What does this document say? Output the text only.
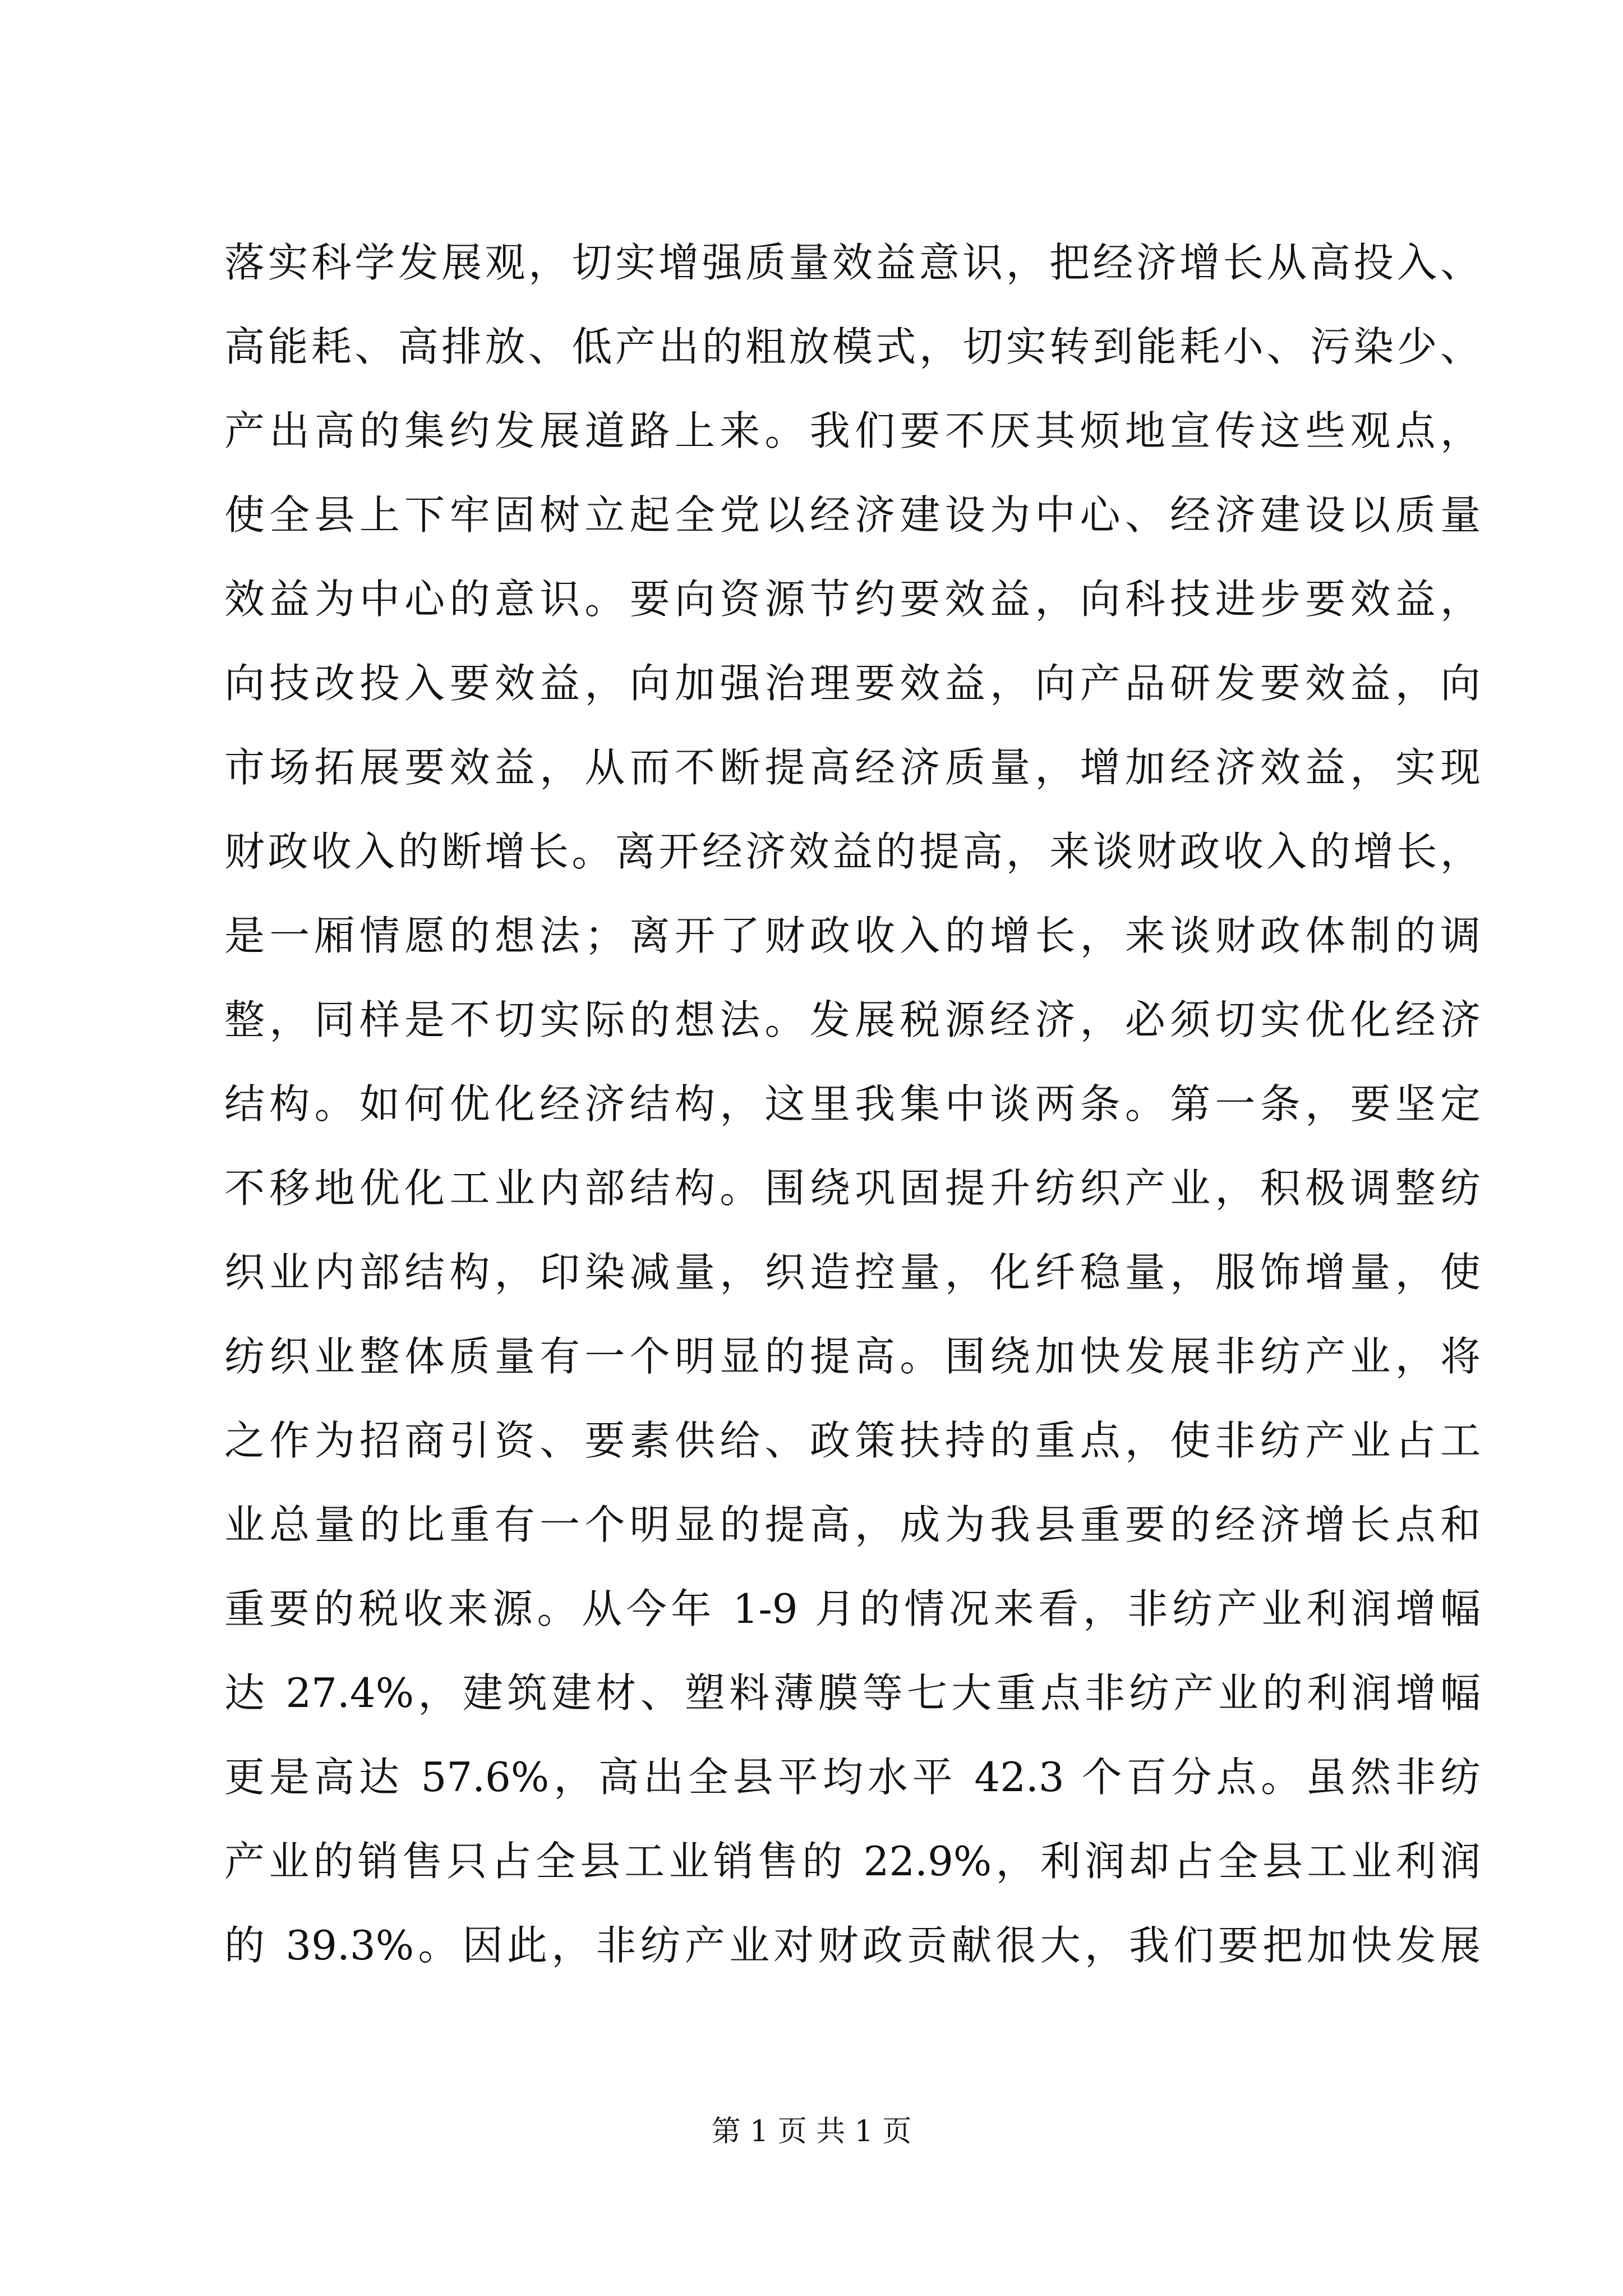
落实科学发展观，切实增强质量效益意识，把经济增长从高投入、
高能耗、高排放、低产出的粗放模式，切实转到能耗小、污染少、
产出高的集约发展道路上来。我们要不厌其烦地宣传这些观点，
使全县上下牢固树立起全党以经济建设为中心、经济建设以质量
效益为中心的意识。要向资源节约要效益，向科技进步要效益，
向技改投入要效益，向加强治理要效益，向产品研发要效益，向
市场拓展要效益，从而不断提高经济质量，增加经济效益，实现
财政收入的断增长。离开经济效益的提高，来谈财政收入的增长，
是一厢情愿的想法；离开了财政收入的增长，来谈财政体制的调
整，同样是不切实际的想法。发展税源经济，必须切实优化经济
结构。如何优化经济结构，这里我集中谈两条。第一条，要坚定
不移地优化工业内部结构。围绕巩固提升纺织产业，积极调整纺
织业内部结构，印染减量，织造控量，化纤稳量，服饰增量，使
纺织业整体质量有一个明显的提高。围绕加快发展非纺产业，将
之作为招商引资、要素供给、政策扶持的重点，使非纺产业占工
业总量的比重有一个明显的提高，成为我县重要的经济增长点和
重要的税收来源。从今年 1-9 月的情况来看，非纺产业利润增幅
达 27.4%，建筑建材、塑料薄膜等七大重点非纺产业的利润增幅
更是高达 57.6%，高出全县平均水平 42.3 个百分点。虽然非纺
产业的销售只占全县工业销售的 22.9%，利润却占全县工业利润
的 39.3%。因此，非纺产业对财政贡献很大，我们要把加快发展
第 1 页 共 1 页
